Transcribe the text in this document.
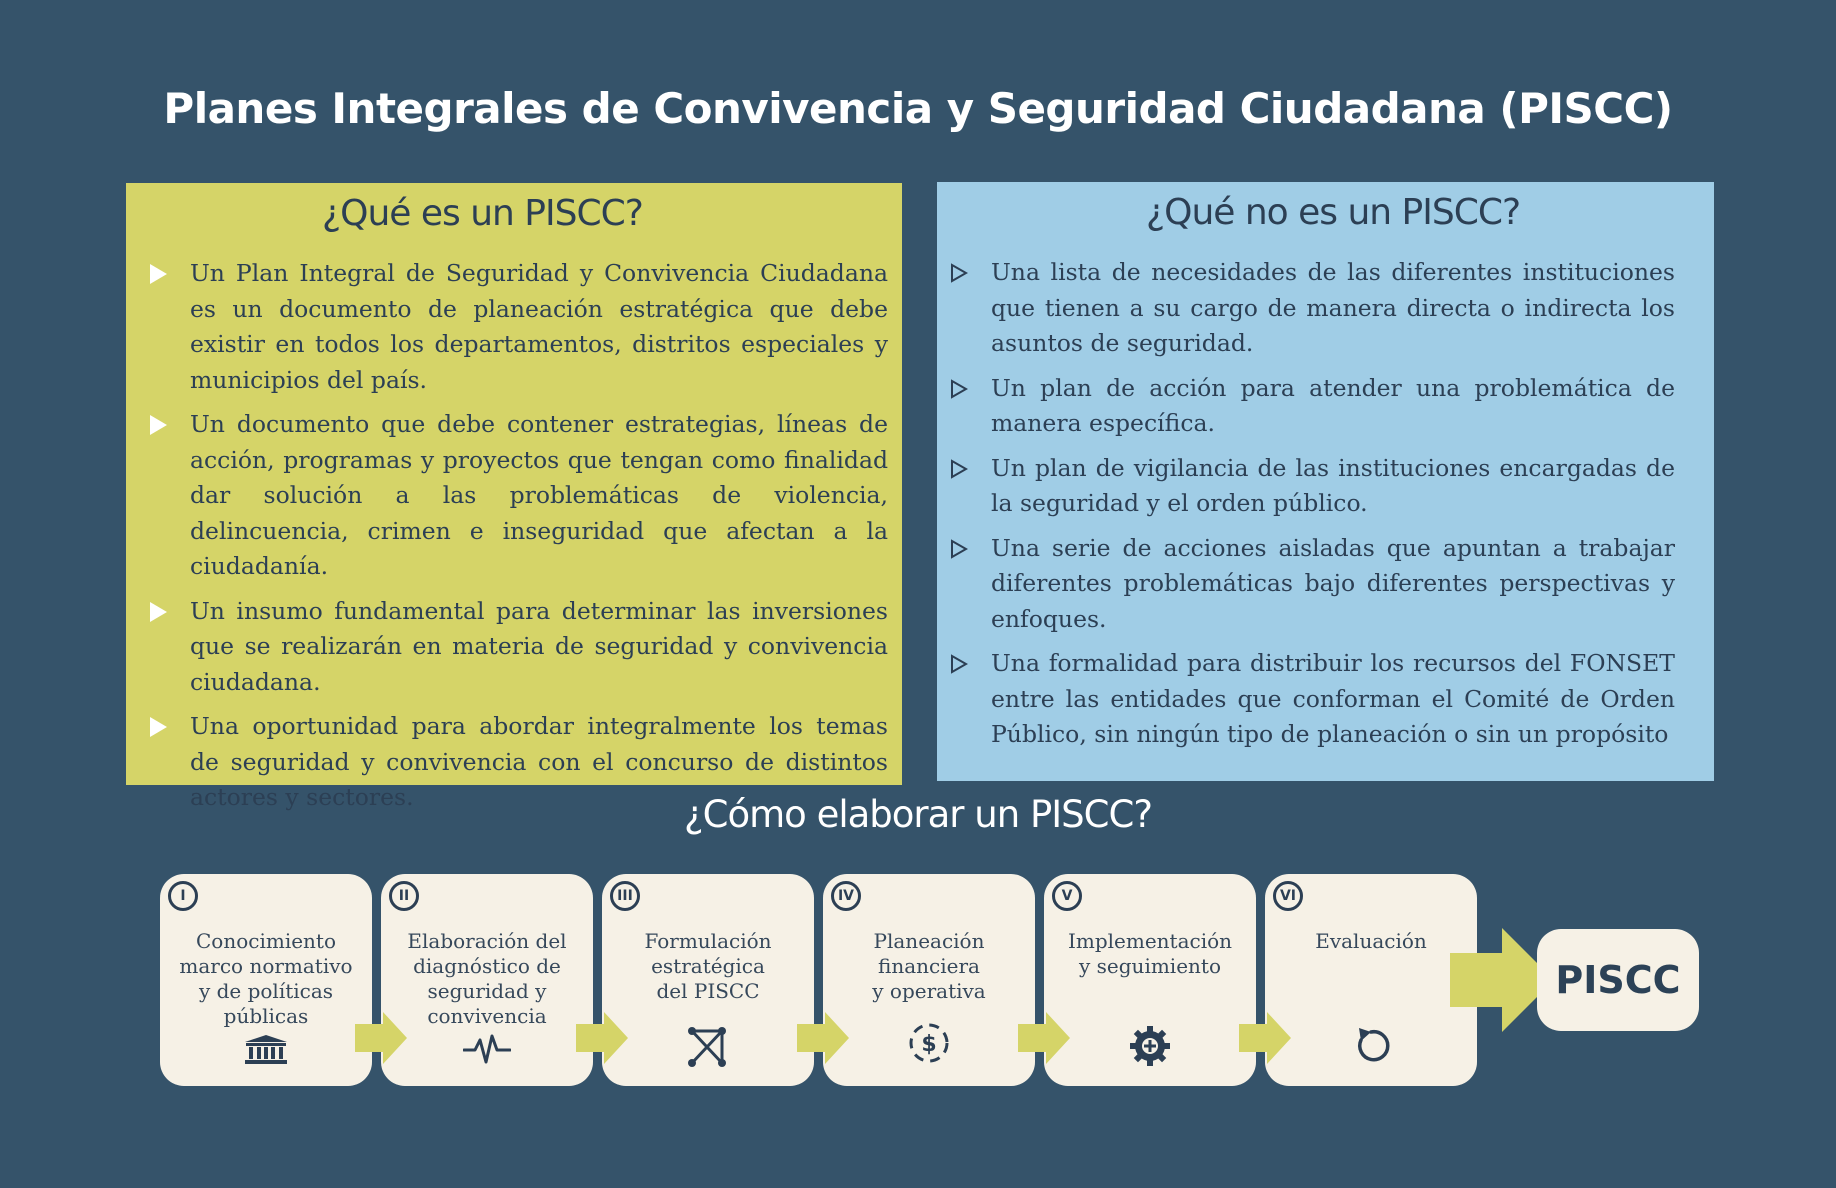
Planes Integrales de Convivencia y Seguridad Ciudadana (PISCC)
¿Qué es un PISCC?
Un Plan Integral de Seguridad y Convivencia Ciudadana es un documento de planeación estratégica que debe existir en todos los departamentos, distritos especiales y municipios del país.
Un documento que debe contener estrategias, líneas de acción, programas y proyectos que tengan como finalidad dar solución a las problemáticas de violencia, delincuencia, crimen e inseguridad que afectan a la ciudadanía.
Un insumo fundamental para determinar las inversiones que se realizarán en materia de seguridad y convivencia ciudadana.
Una oportunidad para abordar integralmente los temas de seguridad y convivencia con el concurso de distintos actores y sectores.
¿Qué no es un PISCC?
Una lista de necesidades de las diferentes instituciones que tienen a su cargo de manera directa o indirecta los asuntos de seguridad.
Un plan de acción para atender una problemática de manera específica.
Un plan de vigilancia de las instituciones encargadas de la seguridad y el orden público.
Una serie de acciones aisladas que apuntan a trabajar diferentes problemáticas bajo diferentes perspectivas y enfoques.
Una formalidad para distribuir los recursos del FONSET entre las entidades que conforman el Comité de Orden Público, sin ningún tipo de planeación o sin un propósito
¿Cómo elaborar un PISCC?
I
Conocimiento
marco normativo
y de políticas
públicas
II
Elaboración del
diagnóstico de
seguridad y
convivencia
III
Formulación
estratégica
del PISCC
IV
Planeación
financiera
y operativa
$
V
Implementación
y seguimiento
VI
Evaluación
PISCC
